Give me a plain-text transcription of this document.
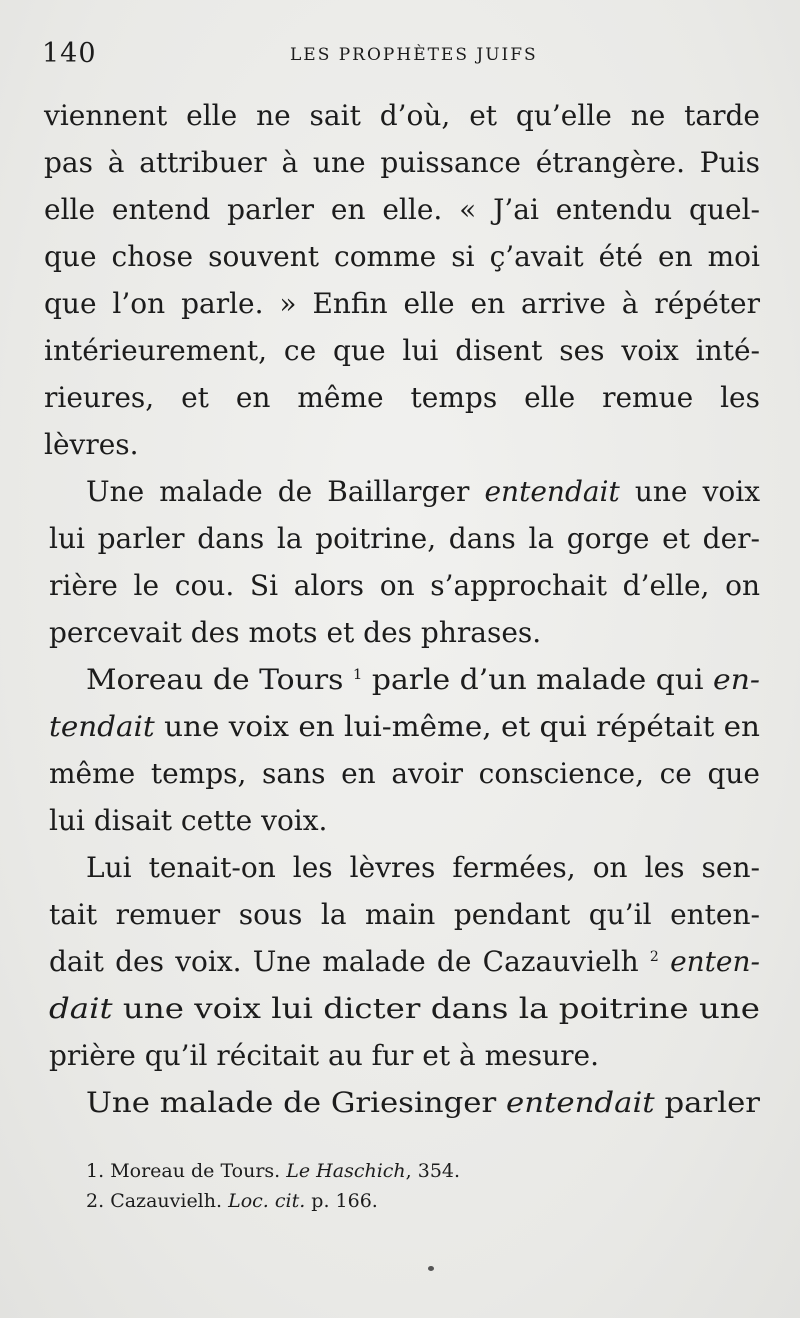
140	LES PROPHÈTES JUIFS
viennent elle ne sait d’où, et qu’elle ne tarde
pas à attribuer à une puissance étrangère. Puis
elle entend parler en elle. « J’ai entendu quel-
que chose souvent comme si ç’avait été en moi
que l’on parle. » Enfin elle en arrive à répéter
intérieurement, ce que lui disent ses voix inté-
rieures, et en même temps elle remue les
lèvres.
Une malade de Baillarger entendait une voix
lui parler dans la poitrine, dans la gorge et der-
rière le cou. Si alors on s’approchait d’elle, on
percevait des mots et des phrases.
Moreau de Tours $^1$ parle d’un malade qui en-
tendait une voix en lui-même, et qui répétait en
même temps, sans en avoir conscience, ce que
lui disait cette voix.
Lui tenait-on les lèvres fermées, on les sen-
tait remuer sous la main pendant qu’il enten-
dait des voix. Une malade de Cazauvielh $^2$ enten-
dait une voix lui dicter dans la poitrine une
prière qu’il récitait au fur et à mesure.
Une malade de Griesinger entendait parler
1. Moreau de Tours. Le Haschich, 354.
2. Cazauvielh. Loc. cit. p. 166.
